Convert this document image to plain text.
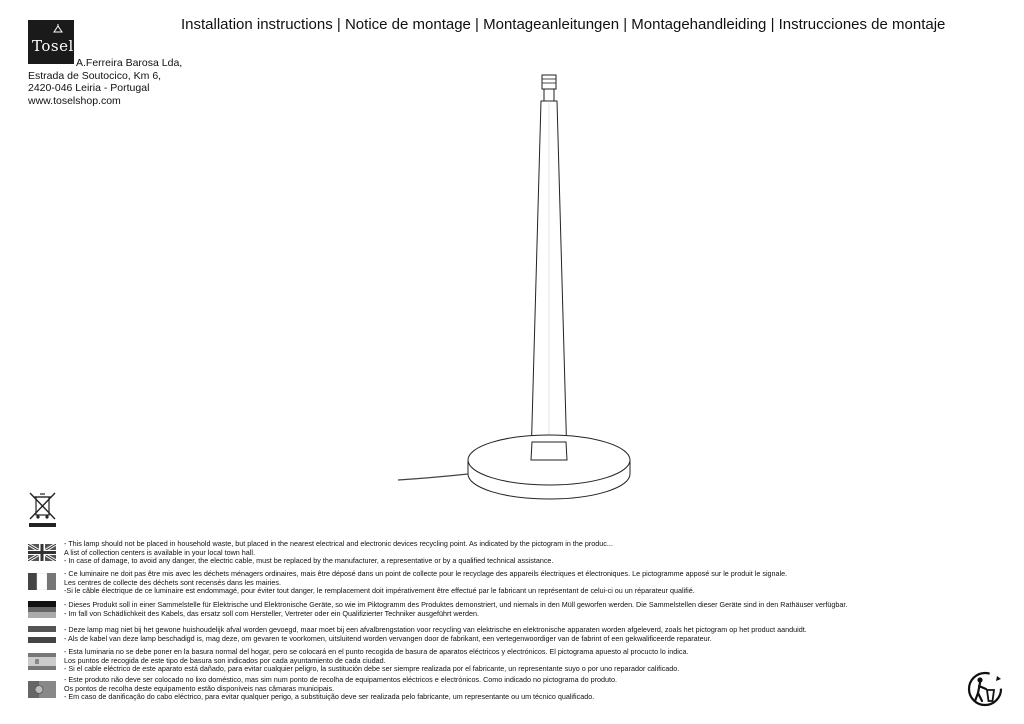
Tosel
Installation instructions | Notice de montage | Montageanleitungen | Montagehandleiding | Instrucciones de montaje
A.Ferreira Barosa Lda,
Estrada de Soutocico, Km 6,
2420-046 Leiria - Portugal
www.toselshop.com
- This lamp should not be placed in household waste, but placed in the nearest electrical and electronic devices recycling point. As indicated by the pictogram in the produc...
A list of collection centers is available in your local town hall.
- In case of damage, to avoid any danger, the electric cable, must be replaced by the manufacturer, a representative or by a qualified technical assistance.
- Ce luminaire ne doit pas être mis avec les déchets ménagers ordinaires, mais être déposé dans un point de collecte pour le recyclage des appareils électriques et électroniques. Le pictogramme apposé sur le produit le signale.
Les centres de collecte des déchets sont recensés dans les mairies.
-Si le câble électrique de ce luminaire est endommagé, pour éviter tout danger, le remplacement doit impérativement être effectué par le fabricant un représentant de celui-ci ou un réparateur qualifié.
- Dieses Produkt soll in einer Sammelstelle für Elektrische und Elektronische Geräte, so wie im Piktogramm des Produktes demonstriert, und niemals in den Müll geworfen werden. Die Sammelstellen dieser Geräte sind in den Rathäuser verfügbar.
- Im fall von Schädlichkeit des Kabels, das ersatz soll com Hersteller, Vertreter oder ein Qualifizierter Techniker ausgeführt werden.
- Deze lamp mag niet bij het gewone huishoudelijk afval worden gevoegd, maar moet bij een afvalbrengstation voor recycling van elektrische en elektronische apparaten worden afgeleverd, zoals het pictogram op het product aanduidt.
- Als de kabel van deze lamp beschadigd is, mag deze, om gevaren te voorkomen, uitsluitend worden vervangen door de fabrikant, een vertegenwoordiger van de fabrint of een gekwalificeerde reparateur.
- Esta luminaria no se debe poner en la basura normal del hogar, pero se colocará en el punto recogida de basura de aparatos eléctricos y electrónicos. El pictograma apuesto al procucto lo indica.
Los puntos de recogida de este tipo de basura son indicados por cada ayuntamiento de cada ciudad.
- Si el cable eléctrico de este aparato está dañado, para evitar cualquier peligro, la sustitución debe ser siempre realizada por el fabricante, un representante suyo o por uno reparador calificado.
- Este produto não deve ser colocado no lixo doméstico, mas sim num ponto de recolha de equipamentos eléctricos e electrónicos. Como indicado no pictograma do produto.
Os pontos de recolha deste equipamento estão disponíveis nas câmaras municipais.
- Em caso de danificação do cabo eléctrico, para evitar qualquer perigo, a substituição deve ser realizada pelo fabricante, um representante ou um técnico qualificado.
